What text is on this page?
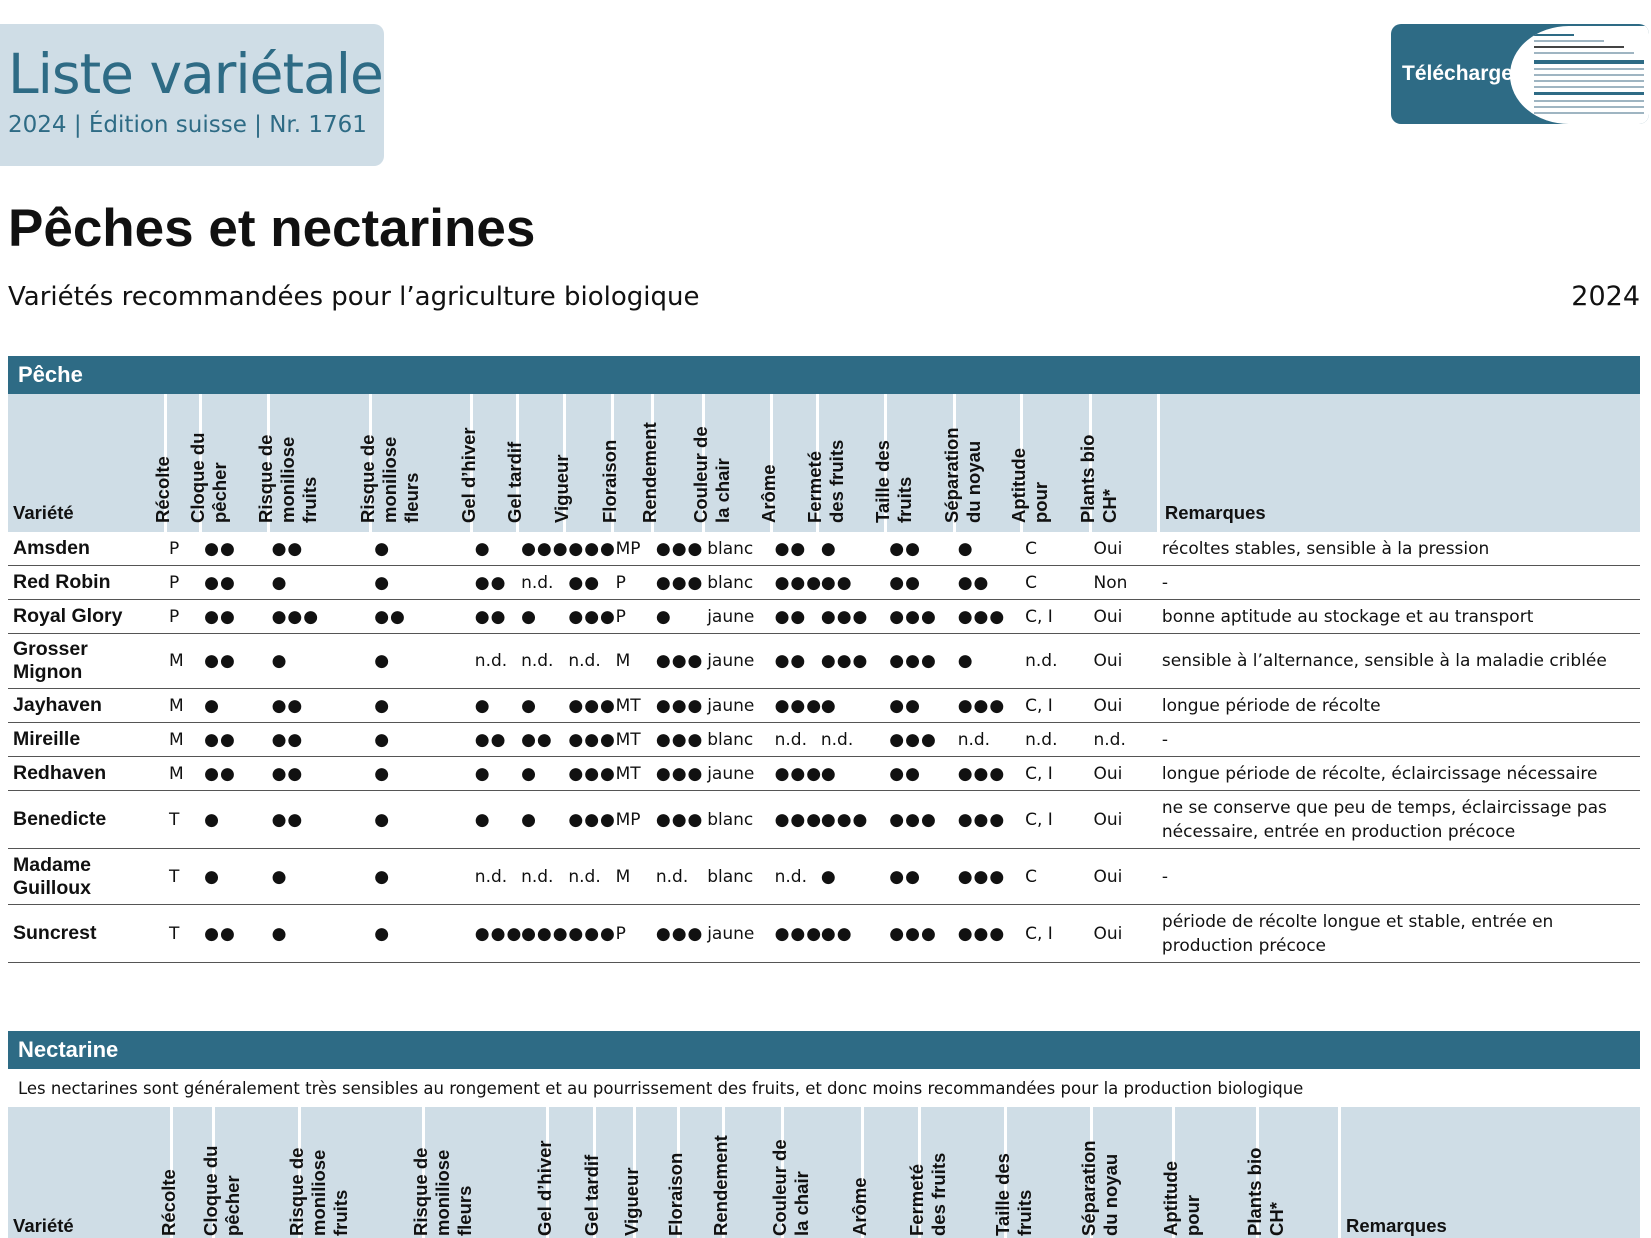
Liste variétale
2024 | Édition suisse | Nr. 1761
Télécharge
Pêches et nectarines
Variétés recommandées pour l’agriculture biologique	2024
Pêche
Variété	Récolte	Cloque du pêcher	Risque de moniliose fruits	Risque de moniliose fleurs	Gel d’hiver	Gel tardif	Vigueur	Floraison	Rendement	Couleur de la chair	Arôme	Fermeté des fruits	Taille des fruits	Séparation du noyau	Aptitude pour	Plants bio CH*	Remarques
Amsden	P	●●	●●	●	●	●●●	●●●	MP	●●●	blanc	●●	●	●●	●	C	Oui	récoltes stables, sensible à la pression
Red Robin	P	●●	●	●	●●	n.d.	●●	P	●●●	blanc	●●●	●●	●●	●●	C	Non	-
Royal Glory	P	●●	●●●	●●	●●	●	●●●	P	●	jaune	●●	●●●	●●●	●●●	C, I	Oui	bonne aptitude au stockage et au transport
Grosser Mignon	M	●●	●	●	n.d.	n.d.	n.d.	M	●●●	jaune	●●	●●●	●●●	●	n.d.	Oui	sensible à l’alternance, sensible à la maladie criblée
Jayhaven	M	●	●●	●	●	●	●●●	MT	●●●	jaune	●●●	●	●●	●●●	C, I	Oui	longue période de récolte
Mireille	M	●●	●●	●	●●	●●	●●●	MT	●●●	blanc	n.d.	n.d.	●●●	n.d.	n.d.	n.d.	-
Redhaven	M	●●	●●	●	●	●	●●●	MT	●●●	jaune	●●●	●	●●	●●●	C, I	Oui	longue période de récolte, éclaircissage nécessaire
Benedicte	T	●	●●	●	●	●	●●●	MP	●●●	blanc	●●●	●●●	●●●	●●●	C, I	Oui	ne se conserve que peu de temps, éclaircissage pas nécessaire, entrée en production précoce
Madame Guilloux	T	●	●	●	n.d.	n.d.	n.d.	M	n.d.	blanc	n.d.	●	●●	●●●	C	Oui	-
Suncrest	T	●●	●	●	●●●	●●●	●●●	P	●●●	jaune	●●●	●●	●●●	●●●	C, I	Oui	période de récolte longue et stable, entrée en production précoce
Nectarine
Les nectarines sont généralement très sensibles au rongement et au pourrissement des fruits, et donc moins recommandées pour la production biologique
Variété	Récolte	Cloque du pêcher	Risque de moniliose fruits	Risque de moniliose fleurs	Gel d’hiver	Gel tardif	Vigueur	Floraison	Rendement	Couleur de la chair	Arôme	Fermeté des fruits	Taille des fruits	Séparation du noyau	Aptitude pour	Plants bio CH*	Remarques
